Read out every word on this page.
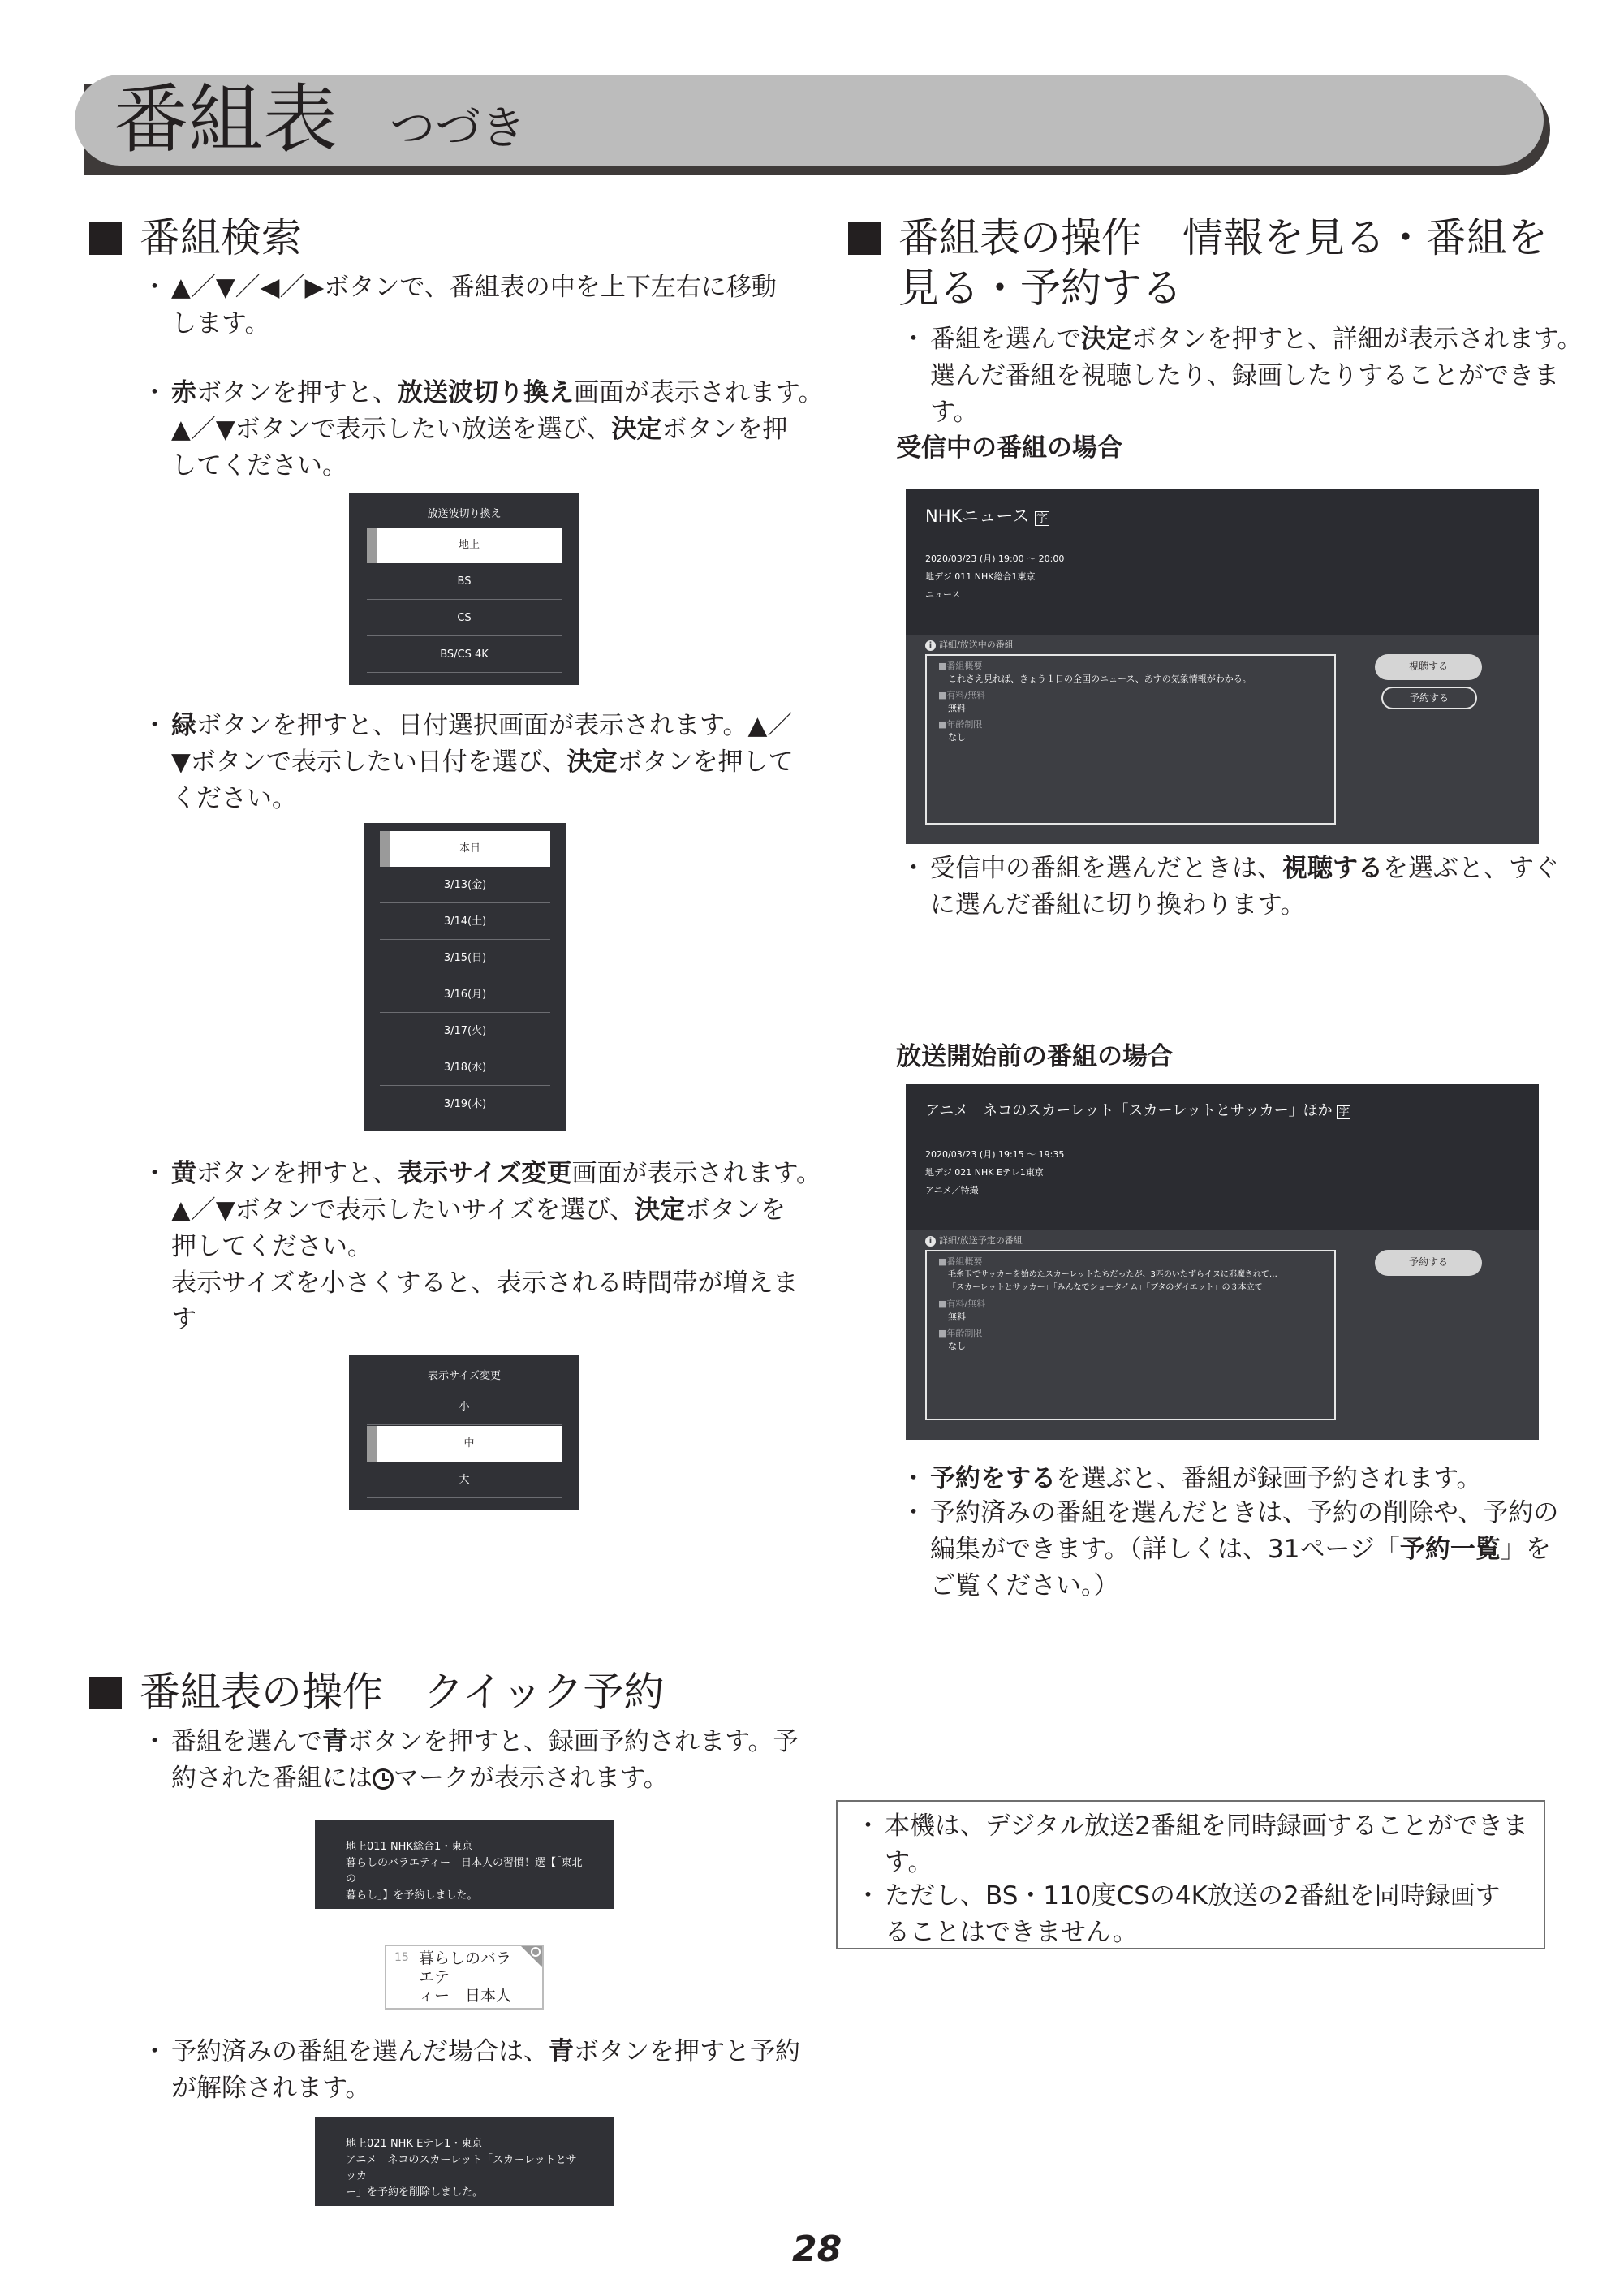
番組表 つづき
番組検索
・ ▲／▼／◀／▶ボタンで、番組表の中を上下左右に移動
します。
・ 赤ボタンを押すと、放送波切り換え画面が表示されます。
▲／▼ボタンで表示したい放送を選び、決定ボタンを押
してください。
放送波切り換え
地上
BS
CS
BS/CS 4K
・ 緑ボタンを押すと、日付選択画面が表示されます。▲／
▼ボタンで表示したい日付を選び、決定ボタンを押して
ください。
本日
3/13(金)
3/14(土)
3/15(日)
3/16(月)
3/17(火)
3/18(水)
3/19(木)
・ 黄ボタンを押すと、表示サイズ変更画面が表示されます。
▲／▼ボタンで表示したいサイズを選び、決定ボタンを
押してください。
表示サイズを小さくすると、表示される時間帯が増えま
す
表示サイズ変更
小
中
大
番組表の操作　クイック予約
・ 番組を選んで青ボタンを押すと、録画予約されます。予
約された番組には マークが表示されます。
地上011 NHK総合1・東京
暮らしのバラエティー　日本人の習慣！選【「東北の
暮らし」】を予約しました。
15 暮らしのバラエテ
ィー　日本人
・ 予約済みの番組を選んだ場合は、青ボタンを押すと予約
が解除されます。
地上021 NHK Eテレ1・東京
アニメ　ネコのスカーレット「スカーレットとサッカ
ー」を予約を削除しました。
番組表の操作　情報を見る・番組を
見る・予約する
・ 番組を選んで決定ボタンを押すと、詳細が表示されます。
選んだ番組を視聴したり、録画したりすることができま
す。
受信中の番組の場合
NHKニュース 字
2020/03/23 (月) 19:00 ～ 20:00
地デジ 011 NHK総合1東京
ニュース
i 詳細/放送中の番組
■番組概要
これさえ見れば、きょう１日の全国のニュース、あすの気象情報がわかる。
■有料/無料
無料
■年齢制限
なし
視聴する
予約する
・ 受信中の番組を選んだときは、視聴するを選ぶと、すぐ
に選んだ番組に切り換わります。
放送開始前の番組の場合
アニメ　ネコのスカーレット「スカーレットとサッカー」ほか 字
2020/03/23 (月) 19:15 ～ 19:35
地デジ 021 NHK Eテレ1東京
アニメ／特撮
i 詳細/放送予定の番組
■番組概要
毛糸玉でサッカーを始めたスカーレットたちだったが、3匹のいたずらイヌに邪魔されて…
「スカーレットとサッカー」「みんなでショータイム」「ブタのダイエット」の３本立て
■有料/無料
無料
■年齢制限
なし
予約する
・ 予約をするを選ぶと、番組が録画予約されます。
・ 予約済みの番組を選んだときは、予約の削除や、予約の
編集ができます。（詳しくは、31ページ「予約一覧」を
ご覧ください。）
・ 本機は、デジタル放送2番組を同時録画することができま
す。
・ ただし、BS・110度CSの4K放送の2番組を同時録画す
ることはできません。
28
